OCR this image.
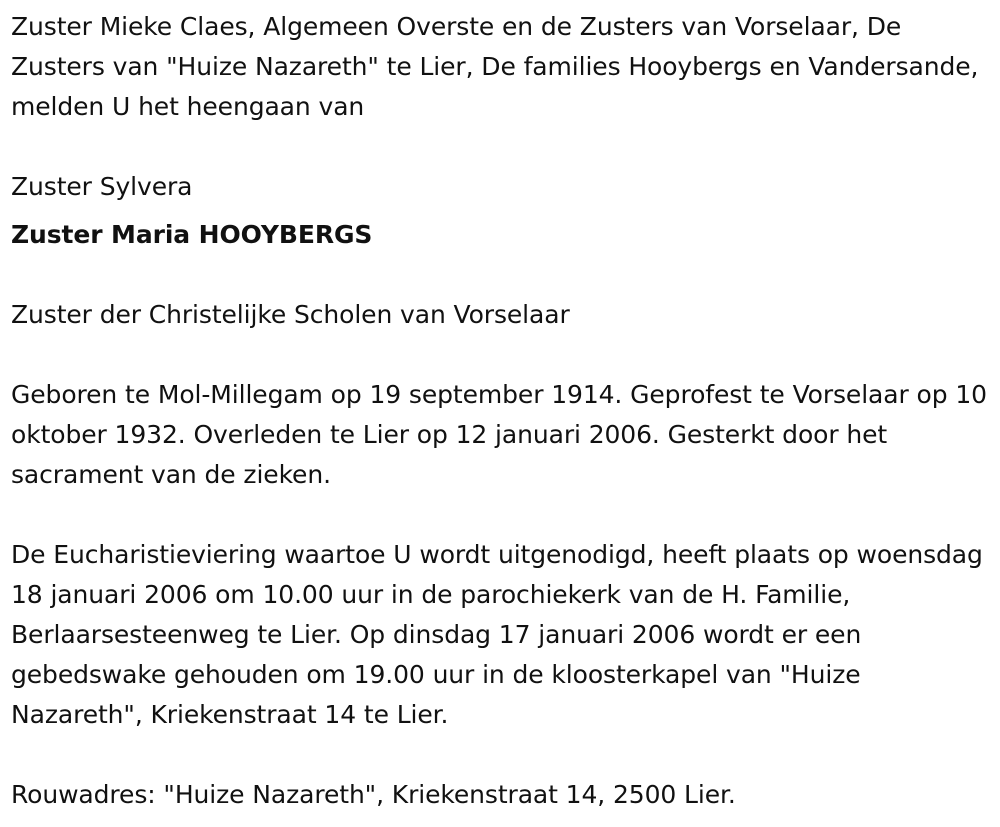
Zuster Mieke Claes, Algemeen Overste en de Zusters van Vorselaar, De Zusters van "Huize Nazareth" te Lier, De families Hooybergs en Vandersande, melden U het heengaan van

Zuster Sylvera

Zuster Maria HOOYBERGS

Zuster der Christelijke Scholen van Vorselaar

Geboren te Mol-Millegam op 19 september 1914. Geprofest te Vorselaar op 10 oktober 1932. Overleden te Lier op 12 januari 2006. Gesterkt door het sacrament van de zieken.

De Eucharistieviering waartoe U wordt uitgenodigd, heeft plaats op woensdag 18 januari 2006 om 10.00 uur in de parochiekerk van de H. Familie, Berlaarsesteenweg te Lier. Op dinsdag 17 januari 2006 wordt er een gebedswake gehouden om 19.00 uur in de kloosterkapel van "Huize Nazareth", Kriekenstraat 14 te Lier.

Rouwadres: "Huize Nazareth", Kriekenstraat 14, 2500 Lier.
